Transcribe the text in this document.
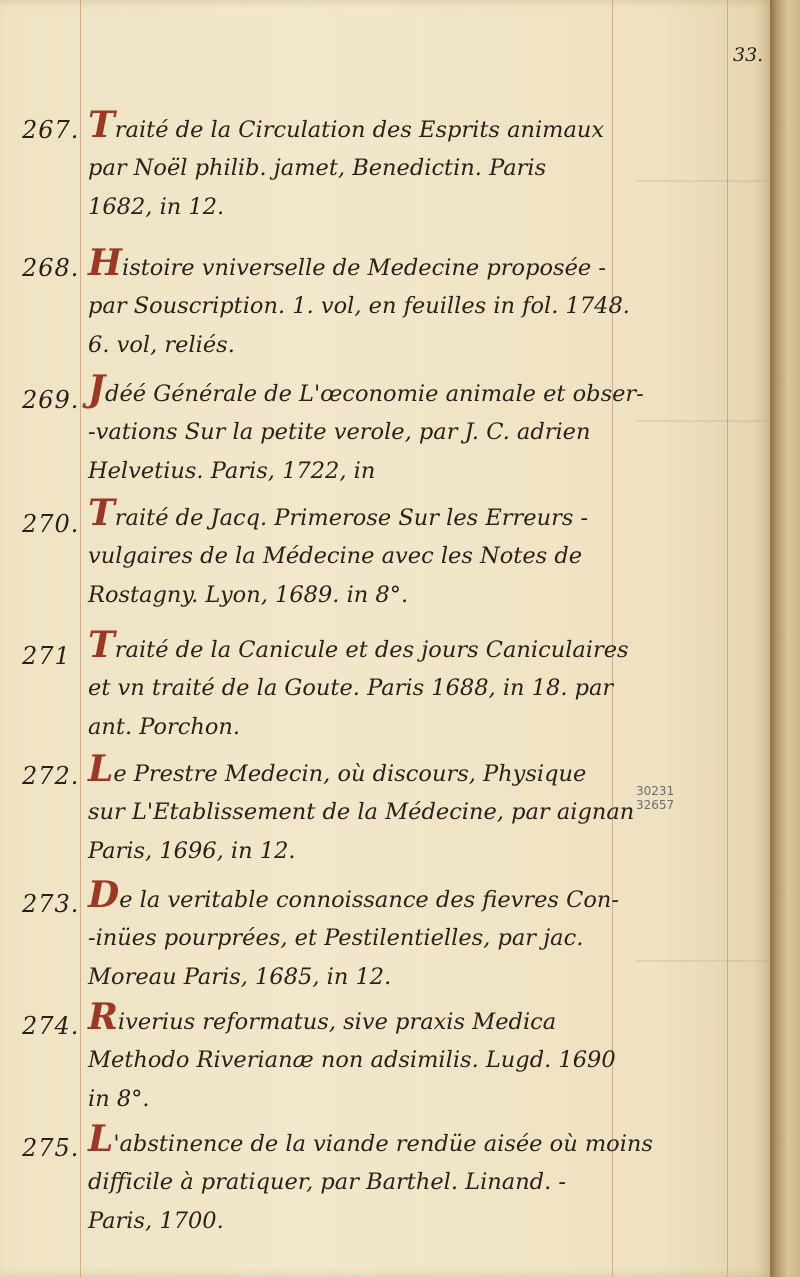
33.
267. Traité de la Circulation des Esprits animaux
par Noël philib. jamet, Benedictin. Paris
1682, in 12.
268. Histoire vniverselle de Medecine proposée -
par Souscription. 1. vol, en feuilles in fol. 1748.
6. vol, reliés.
269. Jdéé Générale de L'œconomie animale et obser-
-vations Sur la petite verole, par J. C. adrien
Helvetius. Paris, 1722, in
270. Traité de Jacq. Primerose Sur les Erreurs -
vulgaires de la Médecine avec les Notes de
Rostagny. Lyon, 1689. in 8°.
271 Traité de la Canicule et des jours Caniculaires
et vn traité de la Goute. Paris 1688, in 18. par
ant. Porchon.
272. Le Prestre Medecin, où discours, Physique
sur L'Etablissement de la Médecine, par aignan
Paris, 1696, in 12.
273. De la veritable connoissance des fievres Con-
-inües pourprées, et Pestilentielles, par jac.
Moreau Paris, 1685, in 12.
274. Riverius reformatus, sive praxis Medica
Methodo Riverianæ non adsimilis. Lugd. 1690
in 8°.
275. L'abstinence de la viande rendüe aisée où moins
difficile à pratiquer, par Barthel. Linand. -
Paris, 1700.
30231
32657
